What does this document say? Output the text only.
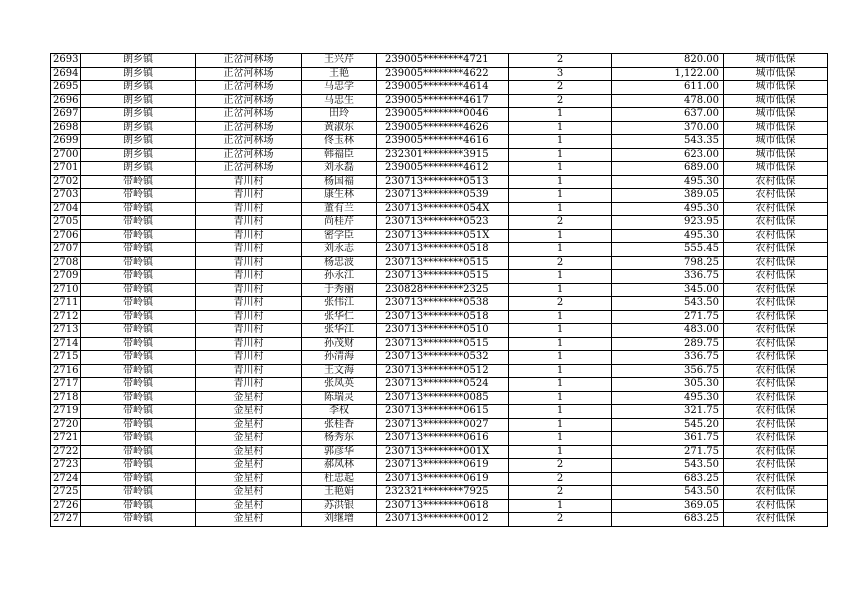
2693	朗乡镇	正岔河林场	王兴芹	239005********4721	2	820.00	城市低保
2694	朗乡镇	正岔河林场	王艳	239005********4622	3	1,122.00	城市低保
2695	朗乡镇	正岔河林场	马忠学	239005********4614	2	611.00	城市低保
2696	朗乡镇	正岔河林场	马忠生	239005********4617	2	478.00	城市低保
2697	朗乡镇	正岔河林场	田玲	239005********0046	1	637.00	城市低保
2698	朗乡镇	正岔河林场	黄淑东	239005********4626	1	370.00	城市低保
2699	朗乡镇	正岔河林场	佟玉林	239005********4616	1	543.35	城市低保
2700	朗乡镇	正岔河林场	韩福臣	232301********3915	1	623.00	城市低保
2701	朗乡镇	正岔河林场	刘永磊	239005********4612	1	689.00	城市低保
2702	带岭镇	青川村	杨国福	230713********0513	1	495.30	农村低保
2703	带岭镇	青川村	康生林	230713********0539	1	389.05	农村低保
2704	带岭镇	青川村	董有兰	230713********054X	1	495.30	农村低保
2705	带岭镇	青川村	尚桂芹	230713********0523	2	923.95	农村低保
2706	带岭镇	青川村	密学臣	230713********051X	1	495.30	农村低保
2707	带岭镇	青川村	刘永志	230713********0518	1	555.45	农村低保
2708	带岭镇	青川村	杨忠波	230713********0515	2	798.25	农村低保
2709	带岭镇	青川村	孙永江	230713********0515	1	336.75	农村低保
2710	带岭镇	青川村	于秀丽	230828********2325	1	345.00	农村低保
2711	带岭镇	青川村	张伟江	230713********0538	2	543.50	农村低保
2712	带岭镇	青川村	张华仁	230713********0518	1	271.75	农村低保
2713	带岭镇	青川村	张华江	230713********0510	1	483.00	农村低保
2714	带岭镇	青川村	孙茂财	230713********0515	1	289.75	农村低保
2715	带岭镇	青川村	孙清海	230713********0532	1	336.75	农村低保
2716	带岭镇	青川村	王文海	230713********0512	1	356.75	农村低保
2717	带岭镇	青川村	张凤英	230713********0524	1	305.30	农村低保
2718	带岭镇	金星村	陈瑞灵	230713********0085	1	495.30	农村低保
2719	带岭镇	金星村	李权	230713********0615	1	321.75	农村低保
2720	带岭镇	金星村	张桂香	230713********0027	1	545.20	农村低保
2721	带岭镇	金星村	杨秀东	230713********0616	1	361.75	农村低保
2722	带岭镇	金星村	郭彦华	230713********001X	1	271.75	农村低保
2723	带岭镇	金星村	郝凤林	230713********0619	2	543.50	农村低保
2724	带岭镇	金星村	杜忠起	230713********0619	2	683.25	农村低保
2725	带岭镇	金星村	王艳娟	232321********7925	2	543.50	农村低保
2726	带岭镇	金星村	苏洪银	230713********0618	1	369.05	农村低保
2727	带岭镇	金星村	刘继增	230713********0012	2	683.25	农村低保
